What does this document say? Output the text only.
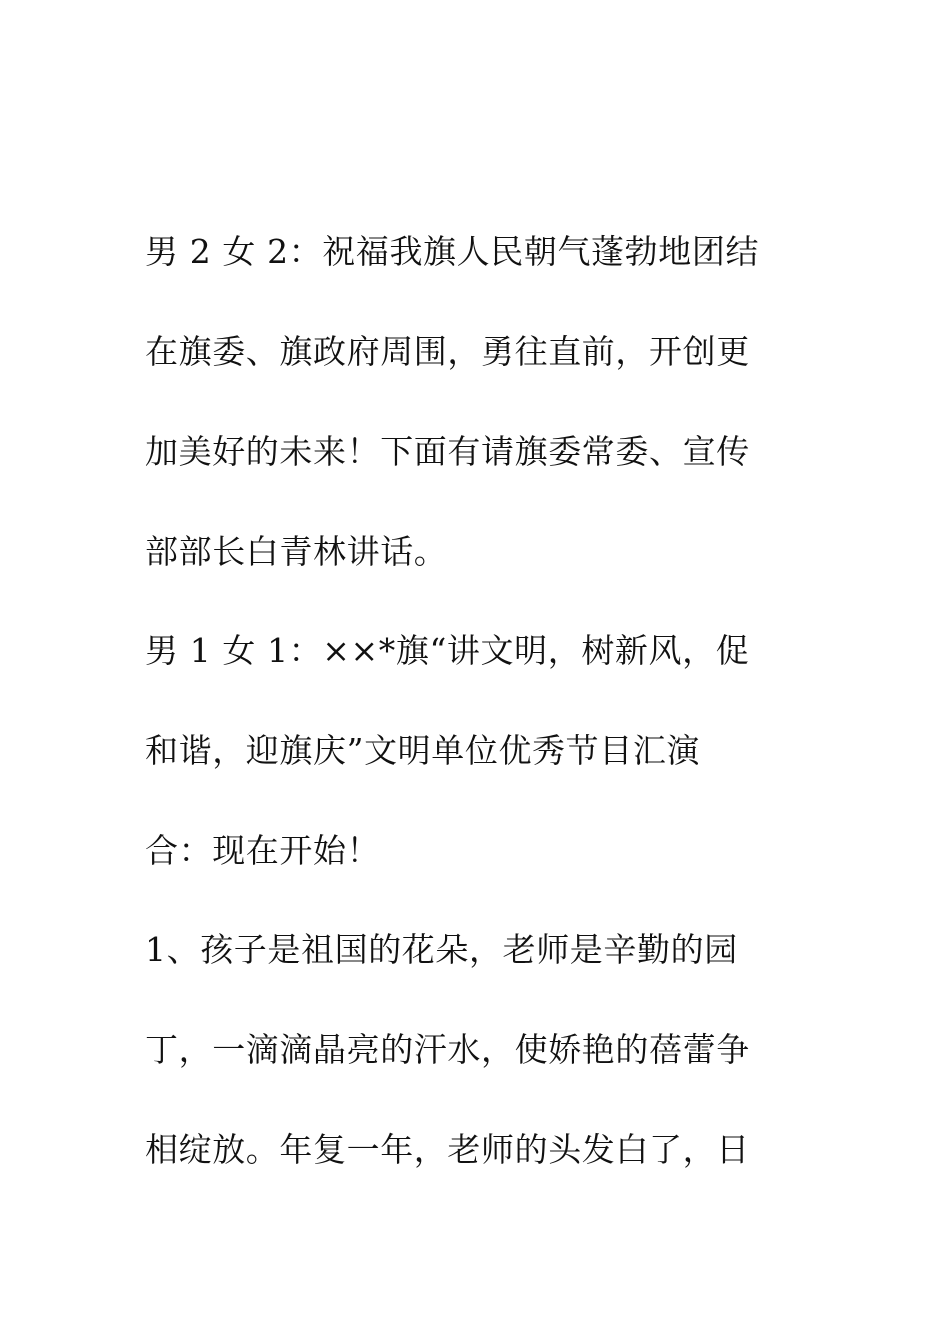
男 2 女 2：祝福我旗人民朝气蓬勃地团结
在旗委、旗政府周围，勇往直前，开创更
加美好的未来！下面有请旗委常委、宣传
部部长白青林讲话。
男 1 女 1：××*旗“讲文明，树新风，促
和谐，迎旗庆”文明单位优秀节目汇演
合：现在开始！
1、孩子是祖国的花朵，老师是辛勤的园
丁，一滴滴晶亮的汗水，使娇艳的蓓蕾争
相绽放。年复一年，老师的头发白了，日
